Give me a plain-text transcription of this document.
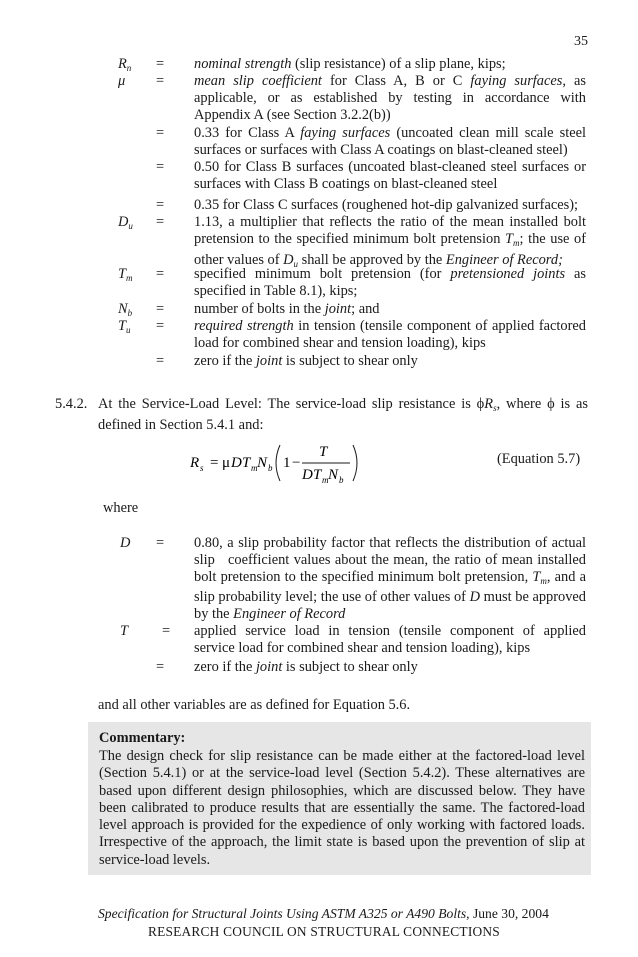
35
$R_n$ = nominal strength (slip resistance) of a slip plane, kips;
μ = mean slip coefficient for Class A, B or C faying surfaces, as applicable, or as established by testing in accordance with Appendix A (see Section 3.2.2(b))
= 0.33 for Class A faying surfaces (uncoated clean mill scale steel surfaces or surfaces with Class A coatings on blast-cleaned steel)
= 0.50 for Class B surfaces (uncoated blast-cleaned steel surfaces or surfaces with Class B coatings on blast-cleaned steel
= 0.35 for Class C surfaces (roughened hot-dip galvanized surfaces);
$D_u = 1.13$, a multiplier that reflects the ratio of the mean installed bolt pretension to the specified minimum bolt pretension $T_m$; the use of other values of $D_u$ shall be approved by the Engineer of Record;
$T_m$ = specified minimum bolt pretension (for pretensioned joints as specified in Table 8.1), kips;
$N_b$ = number of bolts in the joint; and
$T_u$ = required strength in tension (tensile component of applied factored load for combined shear and tension loading), kips
= zero if the joint is subject to shear only
5.4.2. At the Service-Load Level: The service-load slip resistance is $\phi R_s$, where ϕ is as defined in Section 5.4.1 and:
R s = μ D T m N b 1 −
T
D T m N b
(Equation 5.7)
where
D = 0.80, a slip probability factor that reflects the distribution of actual slip   coefficient values about the mean, the ratio of mean installed bolt pretension to the specified minimum bolt pretension, $T_m$, and a slip probability level; the use of other values of D must be approved by the Engineer of Record
T = applied service load in tension (tensile component of applied service load for combined shear and tension loading), kips
= zero if the joint is subject to shear only
and all other variables are as defined for Equation 5.6.
Commentary:
The design check for slip resistance can be made either at the factored-load level (Section 5.4.1) or at the service-load level (Section 5.4.2). These alternatives are based upon different design philosophies, which are discussed below. They have been calibrated to produce results that are essentially the same. The factored-load level approach is provided for the expedience of only working with factored loads. Irrespective of the approach, the limit state is based upon the prevention of slip at service-load levels.
Specification for Structural Joints Using ASTM A325 or A490 Bolts, June 30, 2004
RESEARCH COUNCIL ON STRUCTURAL CONNECTIONS
